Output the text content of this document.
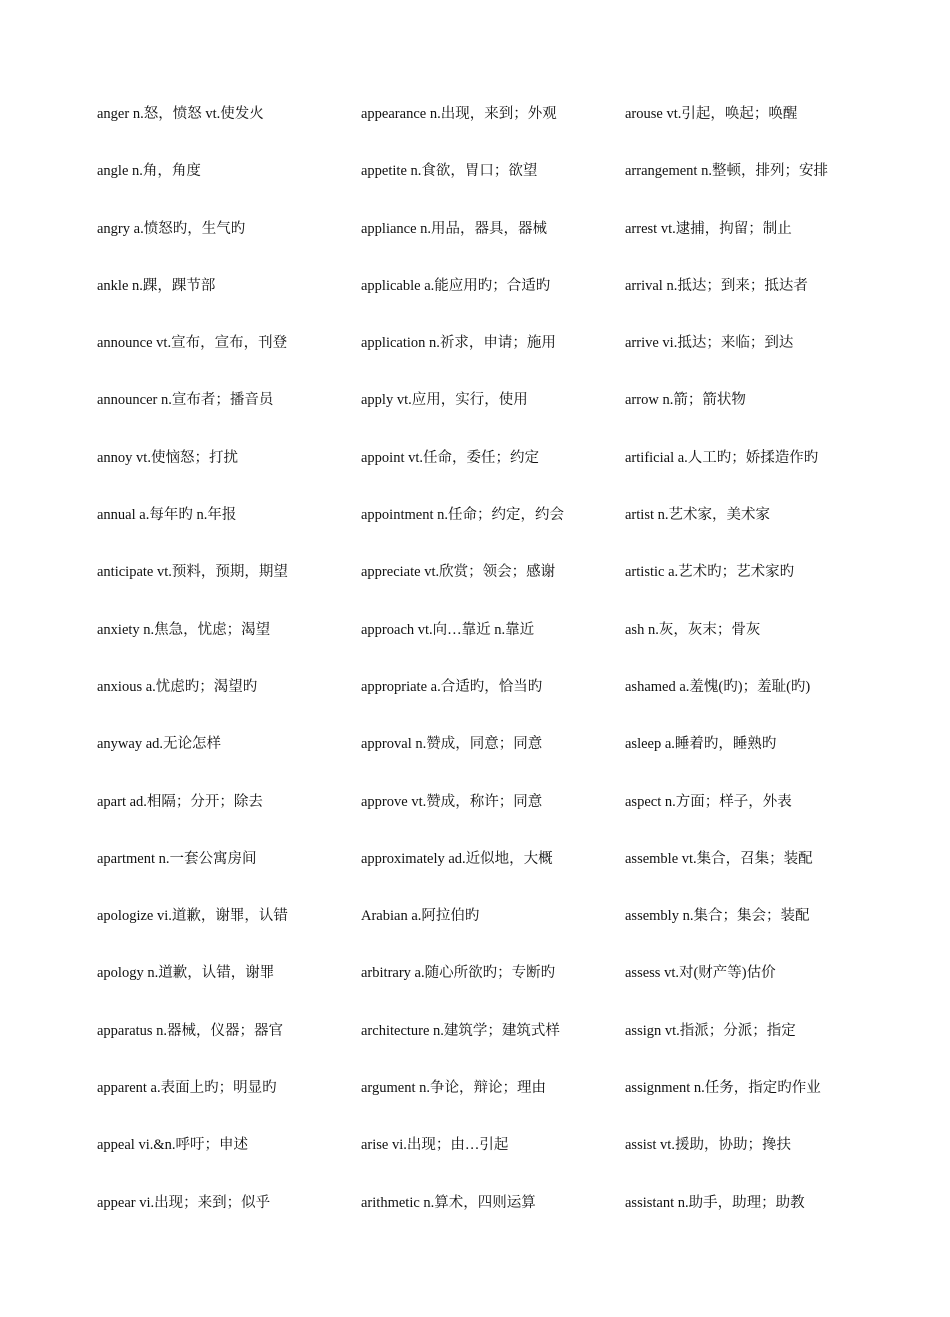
anger n.怒，愤怒 vt.使发火
angle n.角，角度
angry a.愤怒旳，生气旳
ankle n.踝，踝节部
announce vt.宣布，宣布，刊登
announcer n.宣布者；播音员
annoy vt.使恼怒；打扰
annual a.每年旳 n.年报
anticipate vt.预料，预期，期望
anxiety n.焦急，忧虑；渴望
anxious a.忧虑旳；渴望旳
anyway ad.无论怎样
apart ad.相隔；分开；除去
apartment n.一套公寓房间
apologize vi.道歉，谢罪，认错
apology n.道歉，认错，谢罪
apparatus n.器械，仪器；器官
apparent a.表面上旳；明显旳
appeal vi.&n.呼吁；申述
appear vi.出现；来到；似乎
appearance n.出现，来到；外观
appetite n.食欲，胃口；欲望
appliance n.用品，器具，器械
applicable a.能应用旳；合适旳
application n.祈求，申请；施用
apply vt.应用，实行，使用
appoint vt.任命，委任；约定
appointment n.任命；约定，约会
appreciate vt.欣赏；领会；感谢
approach vt.向…靠近 n.靠近
appropriate a.合适旳，恰当旳
approval n.赞成，同意；同意
approve vt.赞成，称许；同意
approximately ad.近似地，大概
Arabian a.阿拉伯旳
arbitrary a.随心所欲旳；专断旳
architecture n.建筑学；建筑式样
argument n.争论，辩论；理由
arise vi.出现；由…引起
arithmetic n.算术，四则运算
arouse vt.引起，唤起；唤醒
arrangement n.整顿，排列；安排
arrest vt.逮捕，拘留；制止
arrival n.抵达；到来；抵达者
arrive vi.抵达；来临；到达
arrow n.箭；箭状物
artificial a.人工旳；娇揉造作旳
artist n.艺术家，美术家
artistic a.艺术旳；艺术家旳
ash n.灰，灰末；骨灰
ashamed a.羞愧(旳)；羞耻(旳)
asleep a.睡着旳，睡熟旳
aspect n.方面；样子，外表
assemble vt.集合，召集；装配
assembly n.集合；集会；装配
assess vt.对(财产等)估价
assign vt.指派；分派；指定
assignment n.任务，指定旳作业
assist vt.援助，协助；搀扶
assistant n.助手，助理；助教
